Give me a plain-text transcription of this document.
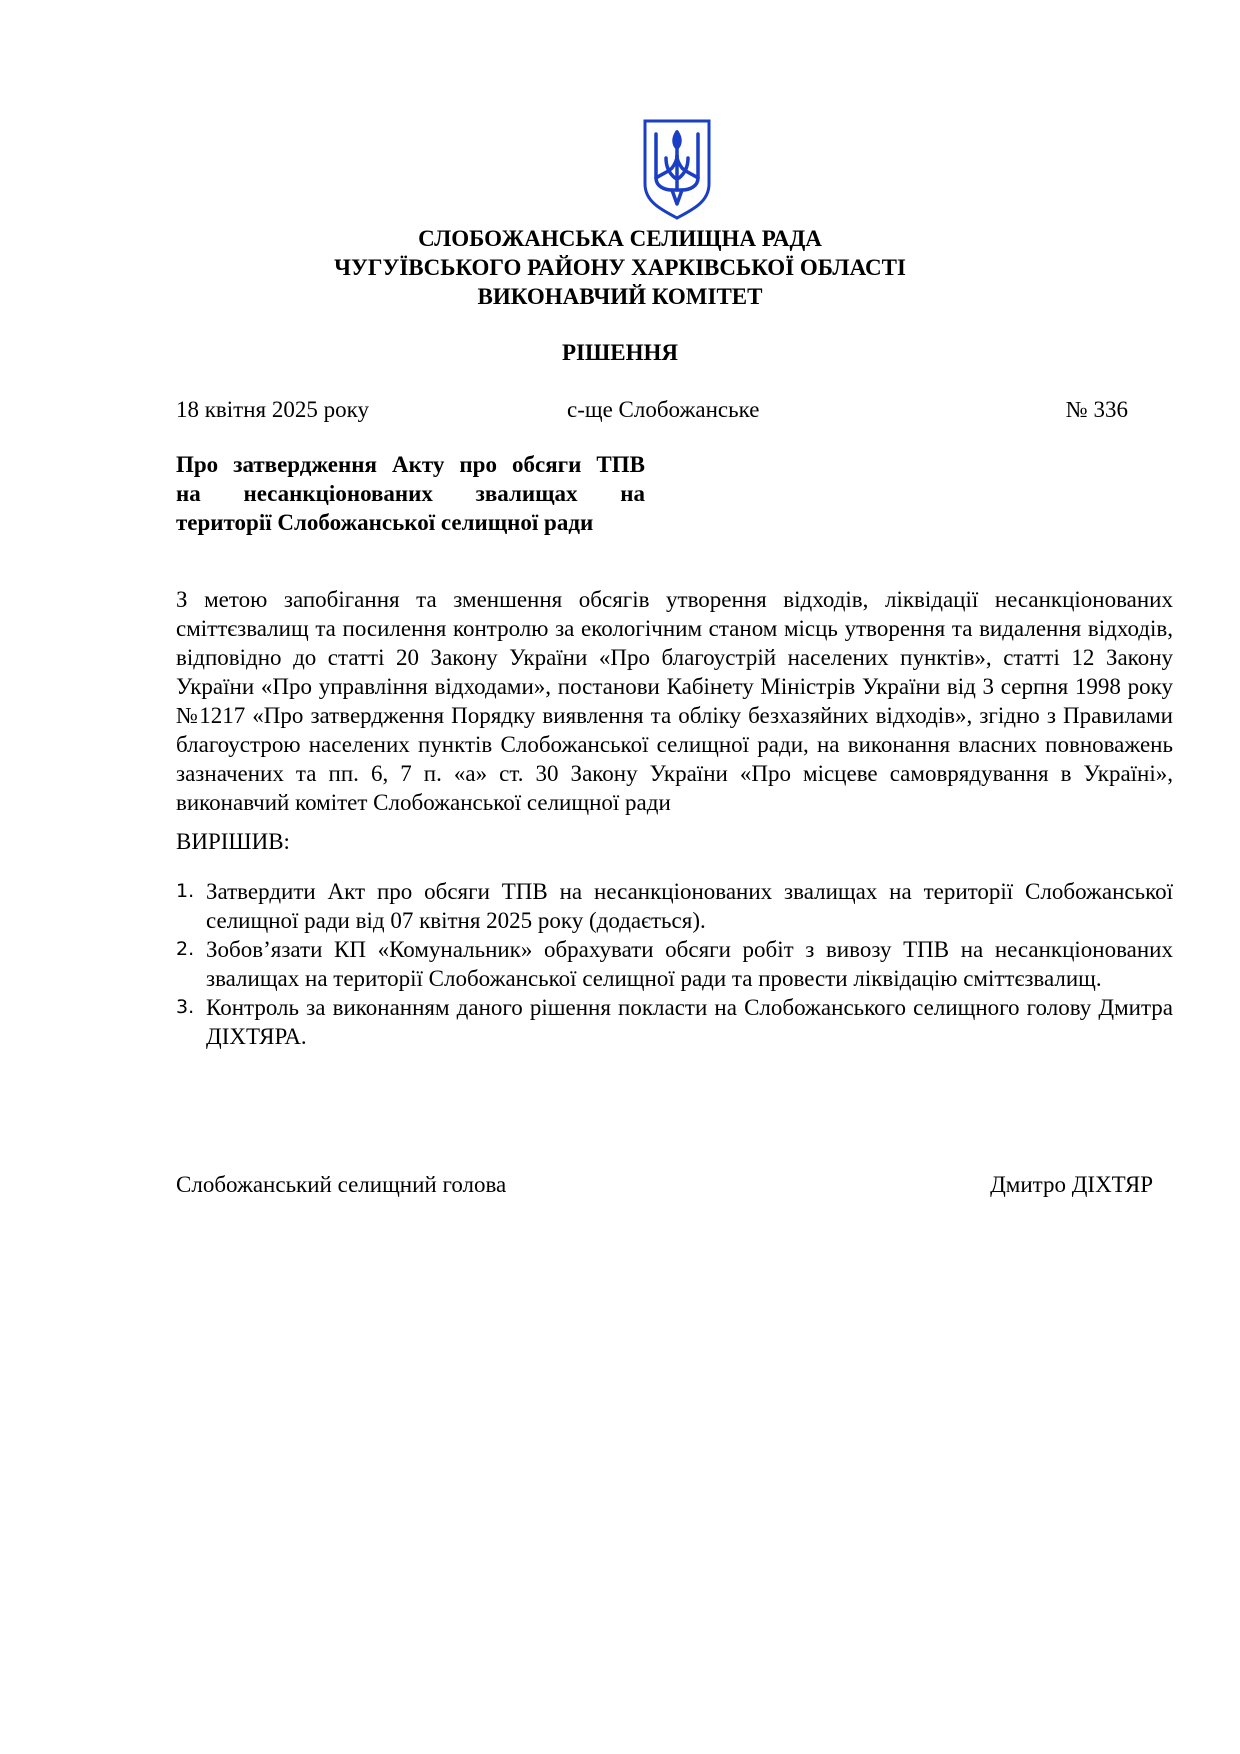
СЛОБОЖАНСЬКА СЕЛИЩНА РАДА
ЧУГУЇВСЬКОГО РАЙОНУ ХАРКІВСЬКОЇ ОБЛАСТІ
ВИКОНАВЧИЙ КОМІТЕТ
РІШЕННЯ
18 квітня 2025 року	с-ще Слобожанське	№ 336
Про затвердження Акту про обсяги ТПВ
на несанкціонованих звалищах на
території Слобожанської селищної ради
З метою запобігання та зменшення обсягів утворення відходів, ліквідації несанкціонованих сміттєзвалищ та посилення контролю за екологічним станом місць утворення та видалення відходів, відповідно до статті 20 Закону України «Про благоустрій населених пунктів», статті 12 Закону України «Про управління відходами», постанови Кабінету Міністрів України від 3 серпня 1998 року №1217 «Про затвердження Порядку виявлення та обліку безхазяйних відходів», згідно з Правилами благоустрою населених пунктів Слобожанської селищної ради, на виконання власних повноважень зазначених та пп. 6, 7 п. «а» ст. 30 Закону України «Про місцеве самоврядування в Україні», виконавчий комітет Слобожанської селищної ради
ВИРІШИВ:
1. Затвердити Акт про обсяги ТПВ на несанкціонованих звалищах на території Слобожанської селищної ради від 07 квітня 2025 року (додається).
2. Зобов’язати КП «Комунальник» обрахувати обсяги робіт з вивозу ТПВ на несанкціонованих звалищах на території Слобожанської селищної ради та провести ліквідацію сміттєзвалищ.
3. Контроль за виконанням даного рішення покласти на Слобожанського селищного голову Дмитра ДІХТЯРА.
Слобожанський селищний голова	Дмитро ДІХТЯР
